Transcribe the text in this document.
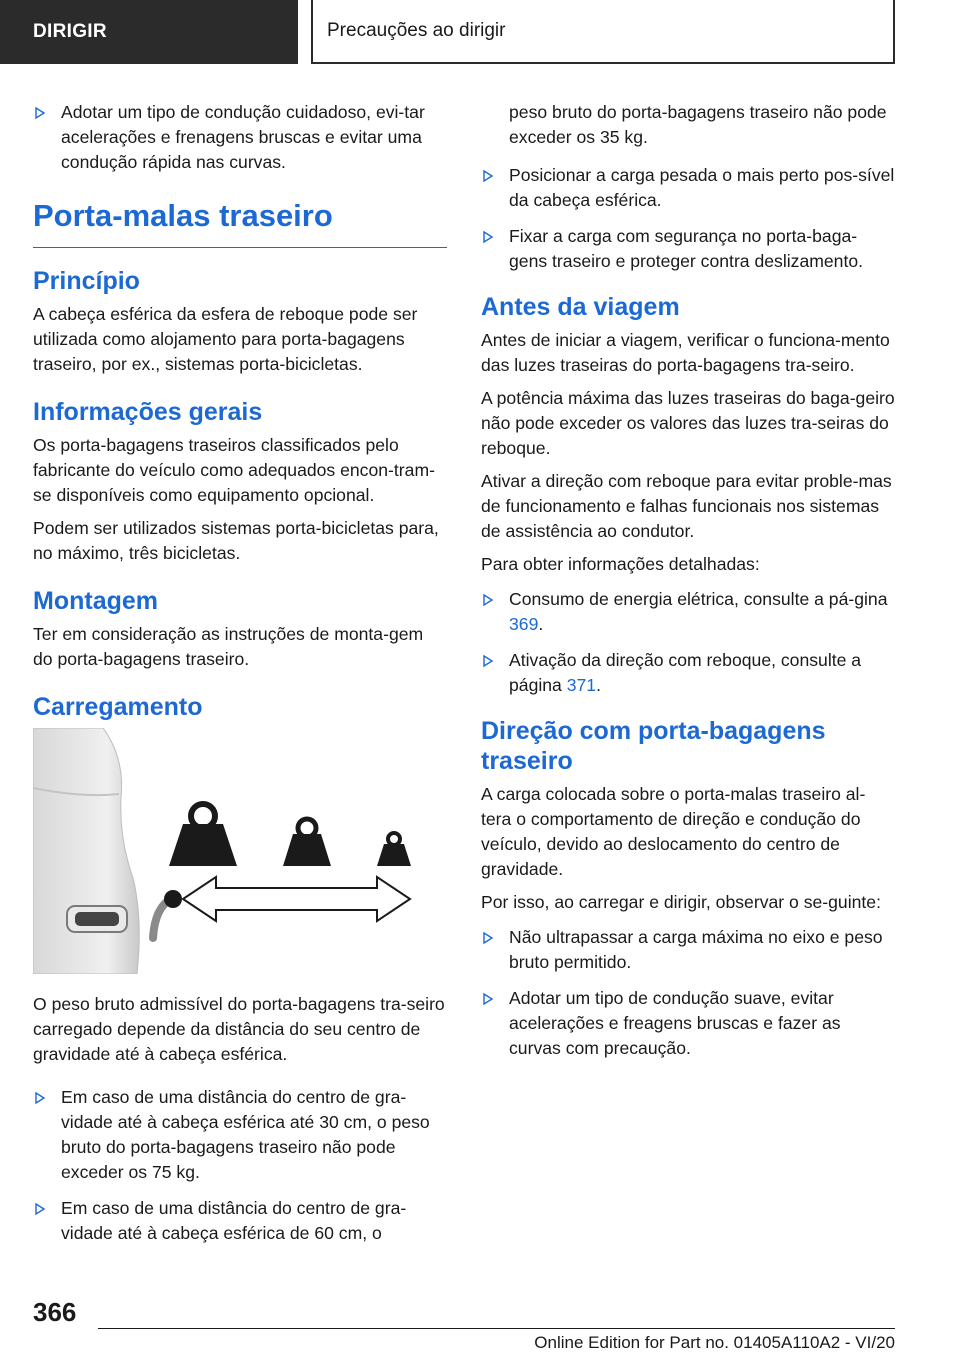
DIRIGIR	Precauções ao dirigir
Adotar um tipo de condução cuidadoso, evi-tar acelerações e frenagens bruscas e evitar uma condução rápida nas curvas.
Porta-malas traseiro
Princípio

A cabeça esférica da esfera de reboque pode ser utilizada como alojamento para porta-bagagens traseiro, por ex., sistemas porta-bicicletas.

Informações gerais

Os porta-bagagens traseiros classificados pelo fabricante do veículo como adequados encon-tram-se disponíveis como equipamento opcional.

Podem ser utilizados sistemas porta-bicicletas para, no máximo, três bicicletas.

Montagem

Ter em consideração as instruções de monta-gem do porta-bagagens traseiro.

Carregamento

O peso bruto admissível do porta-bagagens tra-seiro carregado depende da distância do seu centro de gravidade até à cabeça esférica.

Em caso de uma distância do centro de gra-vidade até à cabeça esférica até 30 cm, o peso bruto do porta-bagagens traseiro não pode exceder os 75 kg.
Em caso de uma distância do centro de gra-vidade até à cabeça esférica de 60 cm, o

peso bruto do porta-bagagens traseiro não pode exceder os 35 kg.

Posicionar a carga pesada o mais perto pos-sível da cabeça esférica.
Fixar a carga com segurança no porta-baga-gens traseiro e proteger contra deslizamento.
Antes da viagem

Antes de iniciar a viagem, verificar o funciona-mento das luzes traseiras do porta-bagagens tra-seiro.

A potência máxima das luzes traseiras do baga-geiro não pode exceder os valores das luzes tra-seiras do reboque.

Ativar a direção com reboque para evitar proble-mas de funcionamento e falhas funcionais nos sistemas de assistência ao condutor.

Para obter informações detalhadas:

Consumo de energia elétrica, consulte a pá-gina 369.
Ativação da direção com reboque, consulte a página 371.
Direção com porta-bagagens traseiro

A carga colocada sobre o porta-malas traseiro al-tera o comportamento de direção e condução do veículo, devido ao deslocamento do centro de gravidade.

Por isso, ao carregar e dirigir, observar o se-guinte:

Não ultrapassar a carga máxima no eixo e peso bruto permitido.
Adotar um tipo de condução suave, evitar acelerações e freagens bruscas e fazer as curvas com precaução.
366
Online Edition for Part no. 01405A110A2 - VI/20
